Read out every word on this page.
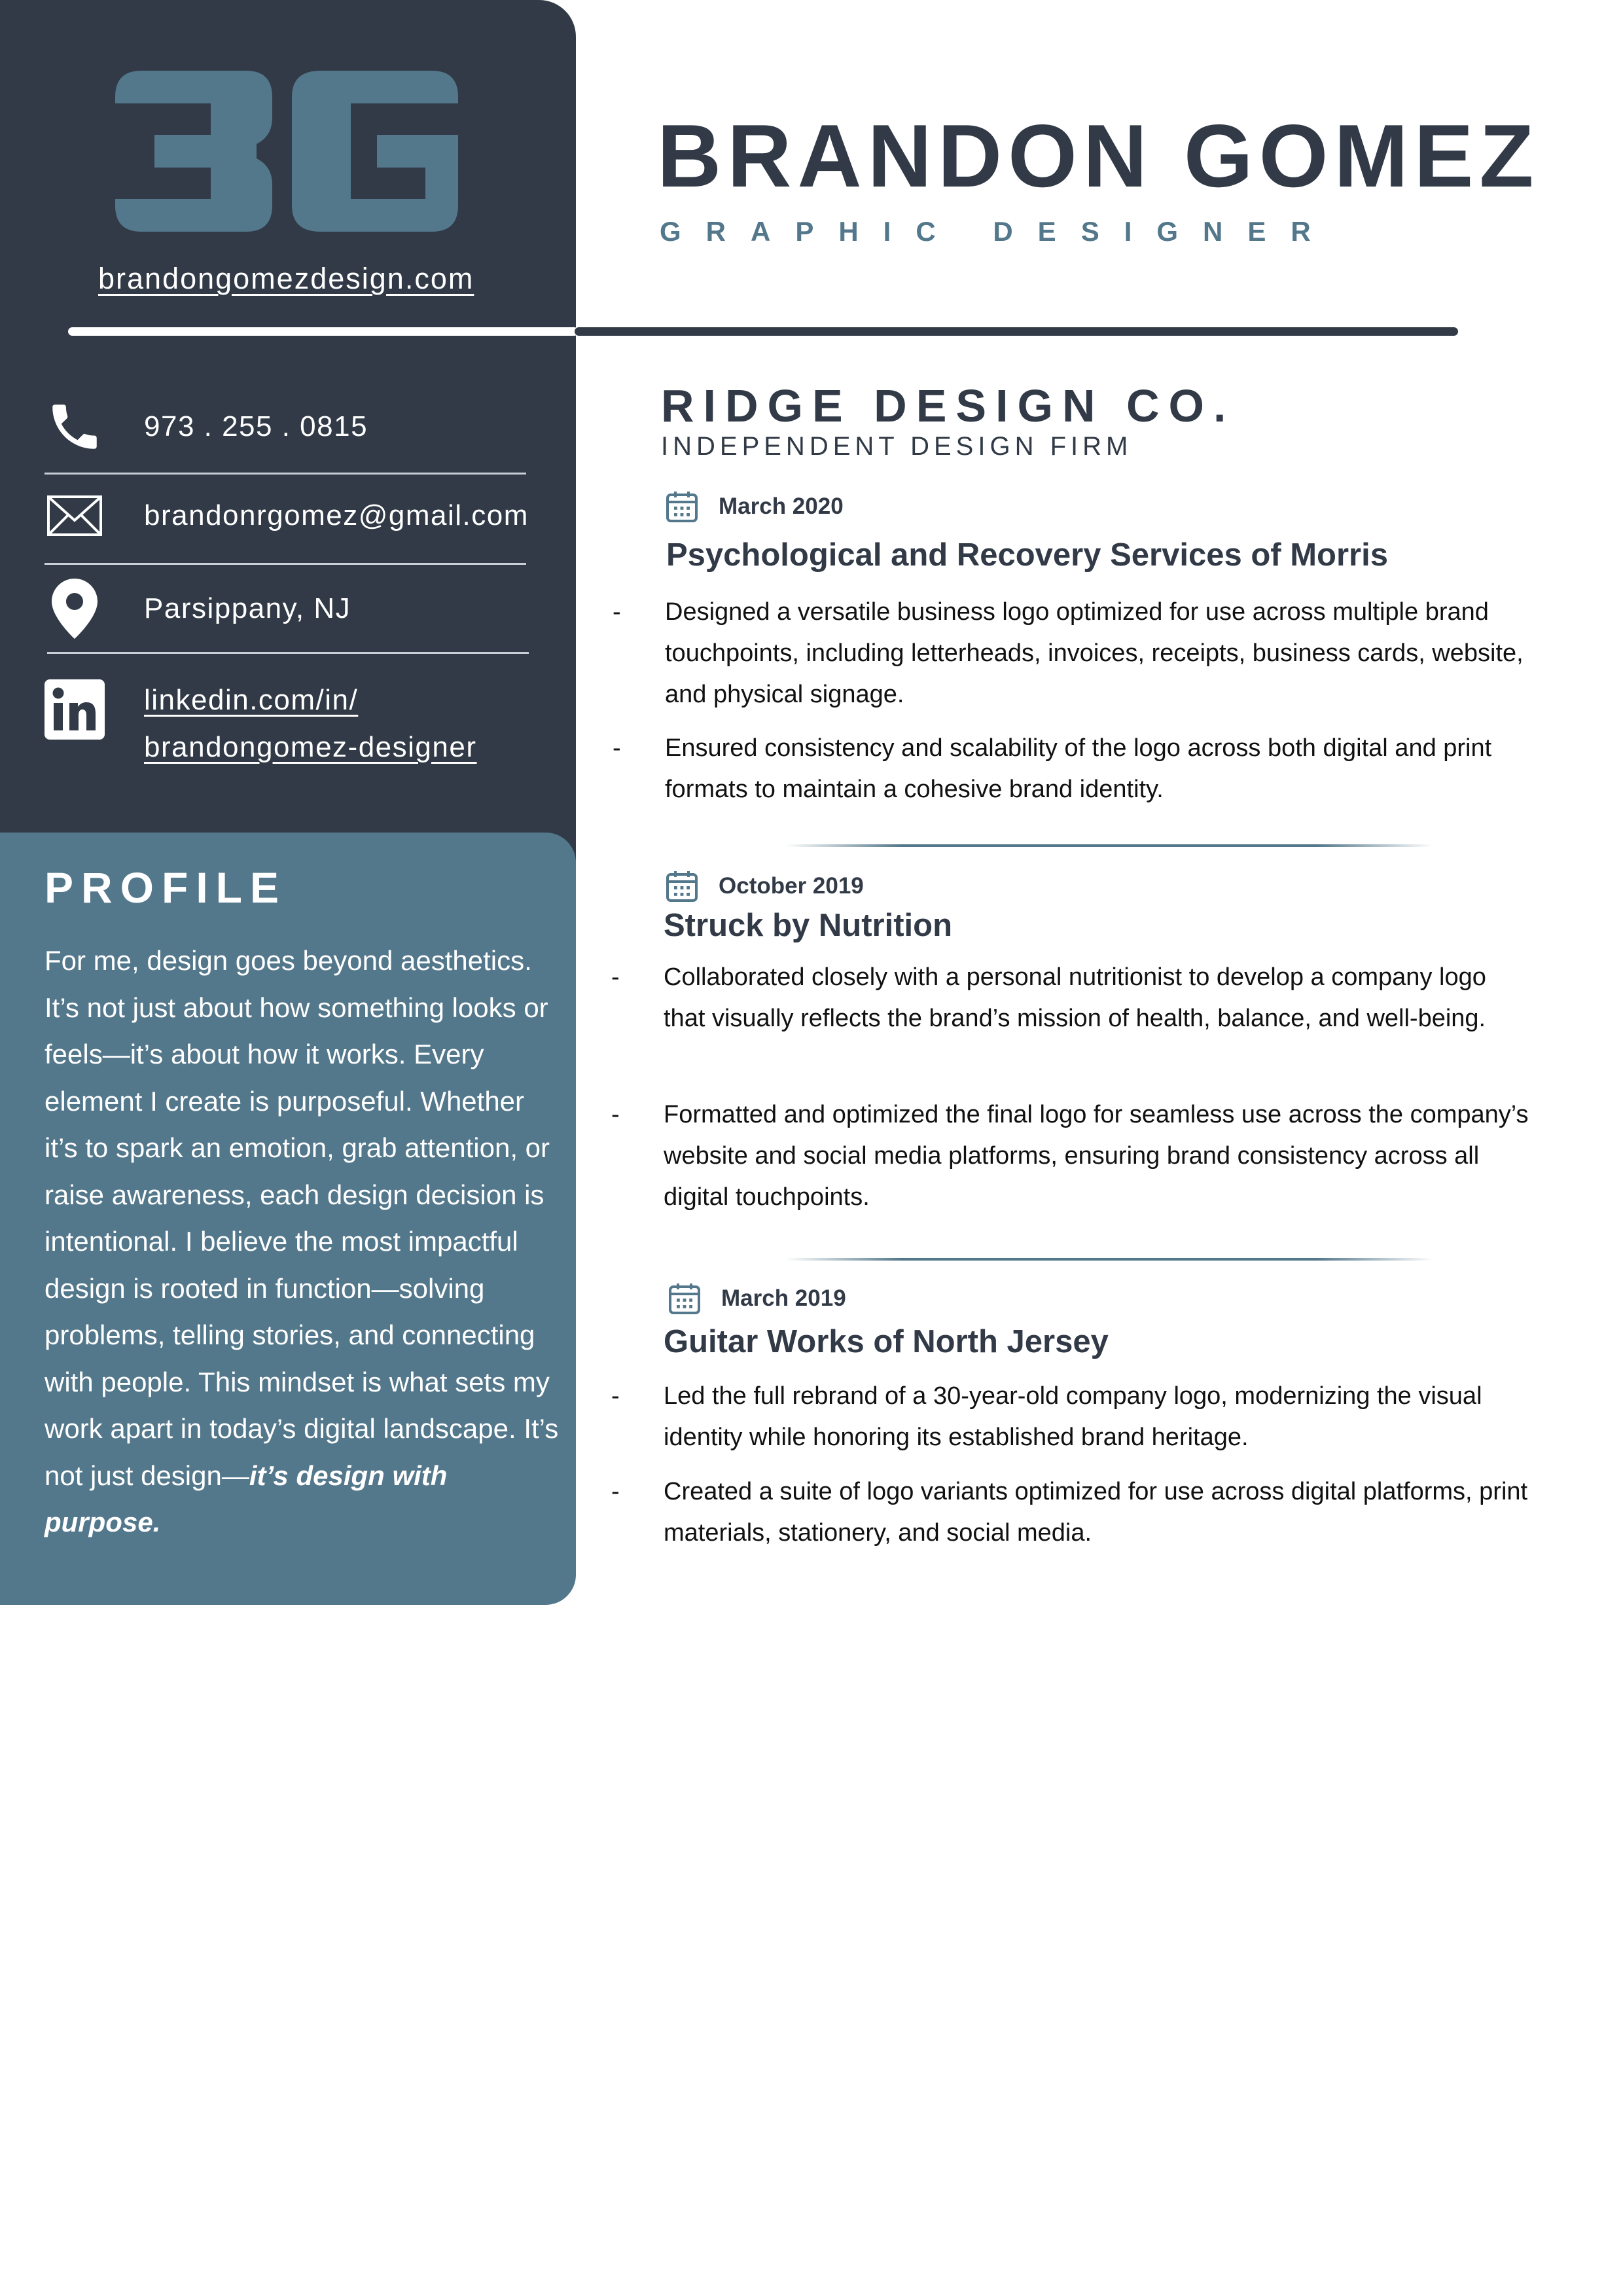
brandongomezdesign.com
973 . 255 . 0815
brandonrgomez@gmail.com
Parsippany, NJ
linkedin.com/in/
brandongomez-designer
PROFILE
For me, design goes beyond aesthetics. It’s not just about how something looks or feels—it’s about how it works. Every element I create is purposeful. Whether it’s to spark an emotion, grab attention, or raise awareness, each design decision is intentional. I believe the most impactful design is rooted in function—solving problems, telling stories, and connecting with people. This mindset is what sets my work apart in today’s digital landscape. It’s not just design—it’s design with purpose.
BRANDON GOMEZ
GRAPHIC DESIGNER
RIDGE DESIGN CO.
INDEPENDENT DESIGN FIRM
March 2020
Psychological and Recovery Services of Morris
- Designed a versatile business logo optimized for use across multiple brand touchpoints, including letterheads, invoices, receipts, business cards, website, and physical signage.
- Ensured consistency and scalability of the logo across both digital and print formats to maintain a cohesive brand identity.
October 2019
Struck by Nutrition
- Collaborated closely with a personal nutritionist to develop a company logo that visually reflects the brand’s mission of health, balance, and well-being.
- Formatted and optimized the final logo for seamless use across the company’s website and social media platforms, ensuring brand consistency across all digital touchpoints.
March 2019
Guitar Works of North Jersey
- Led the full rebrand of a 30-year-old company logo, modernizing the visual identity while honoring its established brand heritage.
- Created a suite of logo variants optimized for use across digital platforms, print materials, stationery, and social media.
